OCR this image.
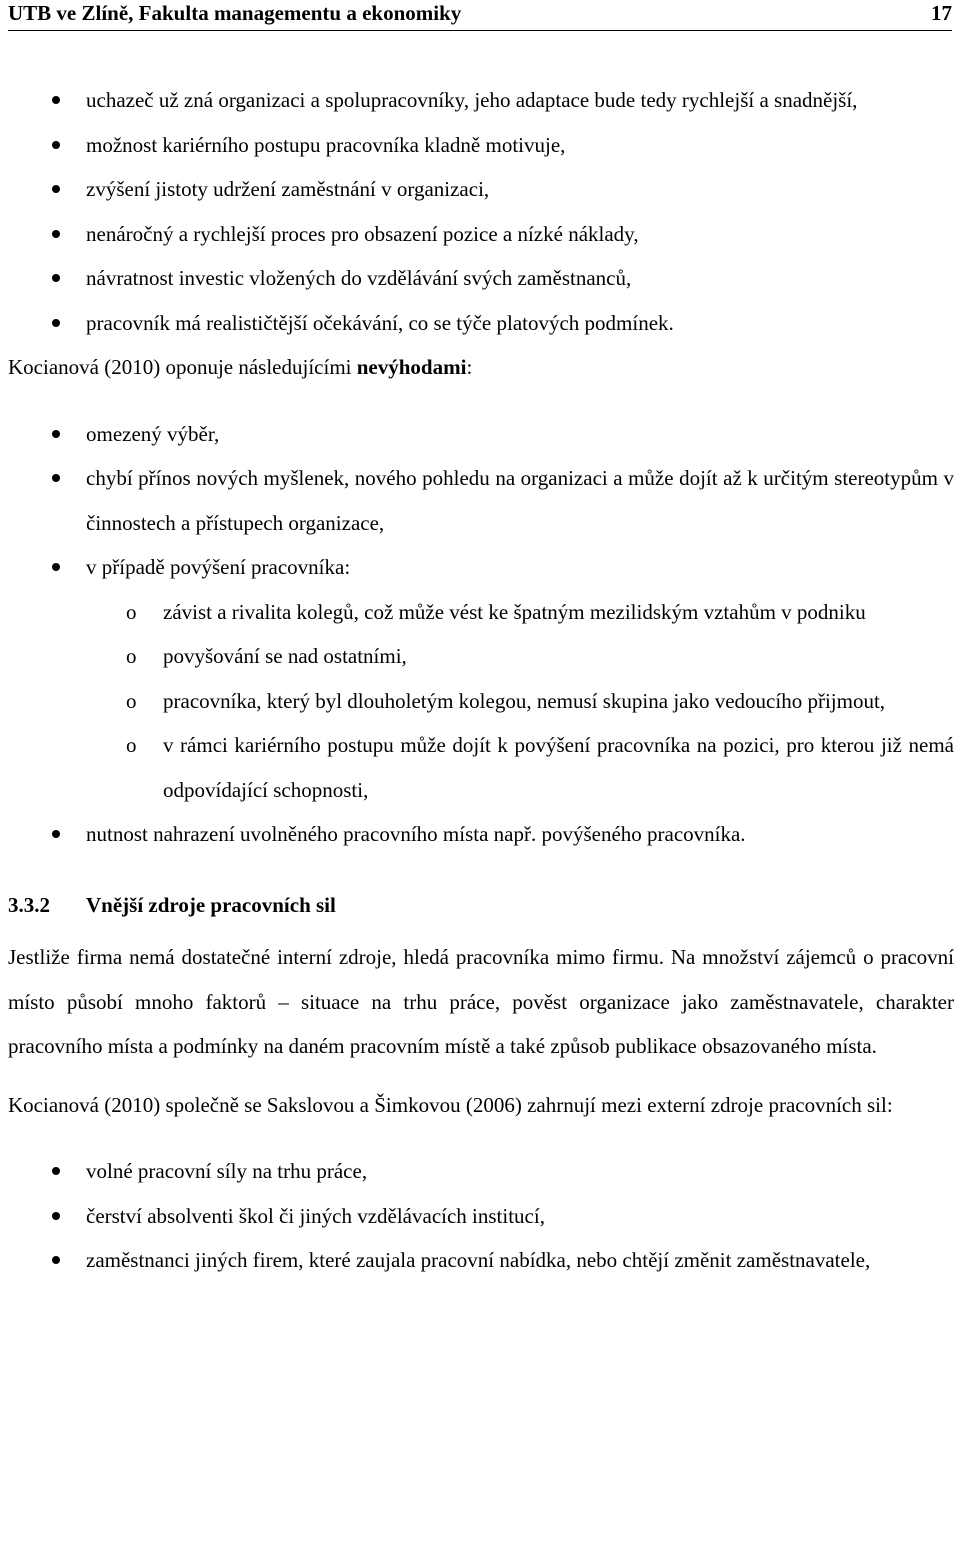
UTB ve Zlíně, Fakulta managementu a ekonomiky	17
uchazeč už zná organizaci a spolupracovníky, jeho adaptace bude tedy rychlejší a snadnější,
možnost kariérního postupu pracovníka kladně motivuje,
zvýšení jistoty udržení zaměstnání v organizaci,
nenáročný a rychlejší proces pro obsazení pozice a nízké náklady,
návratnost investic vložených do vzdělávání svých zaměstnanců,
pracovník má realističtější očekávání, co se týče platových podmínek.

Kocianová (2010) oponuje následujícími nevýhodami:

omezený výběr,
chybí přínos nových myšlenek, nového pohledu na organizaci a může dojít až k určitým stereotypům v činnostech a přístupech organizace,
v případě povýšení pracovníka:
o závist a rivalita kolegů, což může vést ke špatným mezilidským vztahům v podniku
o povyšování se nad ostatními,
o pracovníka, který byl dlouholetým kolegou, nemusí skupina jako vedoucího přijmout,
o v rámci kariérního postupu může dojít k povýšení pracovníka na pozici, pro kterou již nemá odpovídající schopnosti,
nutnost nahrazení uvolněného pracovního místa např. povýšeného pracovníka.
3.3.2 Vnější zdroje pracovních sil

Jestliže firma nemá dostatečné interní zdroje, hledá pracovníka mimo firmu. Na množství zájemců o pracovní místo působí mnoho faktorů – situace na trhu práce, pověst organizace jako zaměstnavatele, charakter pracovního místa a podmínky na daném pracovním místě a také způsob publikace obsazovaného místa.

Kocianová (2010) společně se Sakslovou a Šimkovou (2006) zahrnují mezi externí zdroje pracovních sil:

volné pracovní síly na trhu práce,
čerství absolventi škol či jiných vzdělávacích institucí,
zaměstnanci jiných firem, které zaujala pracovní nabídka, nebo chtějí změnit zaměstnavatele,
